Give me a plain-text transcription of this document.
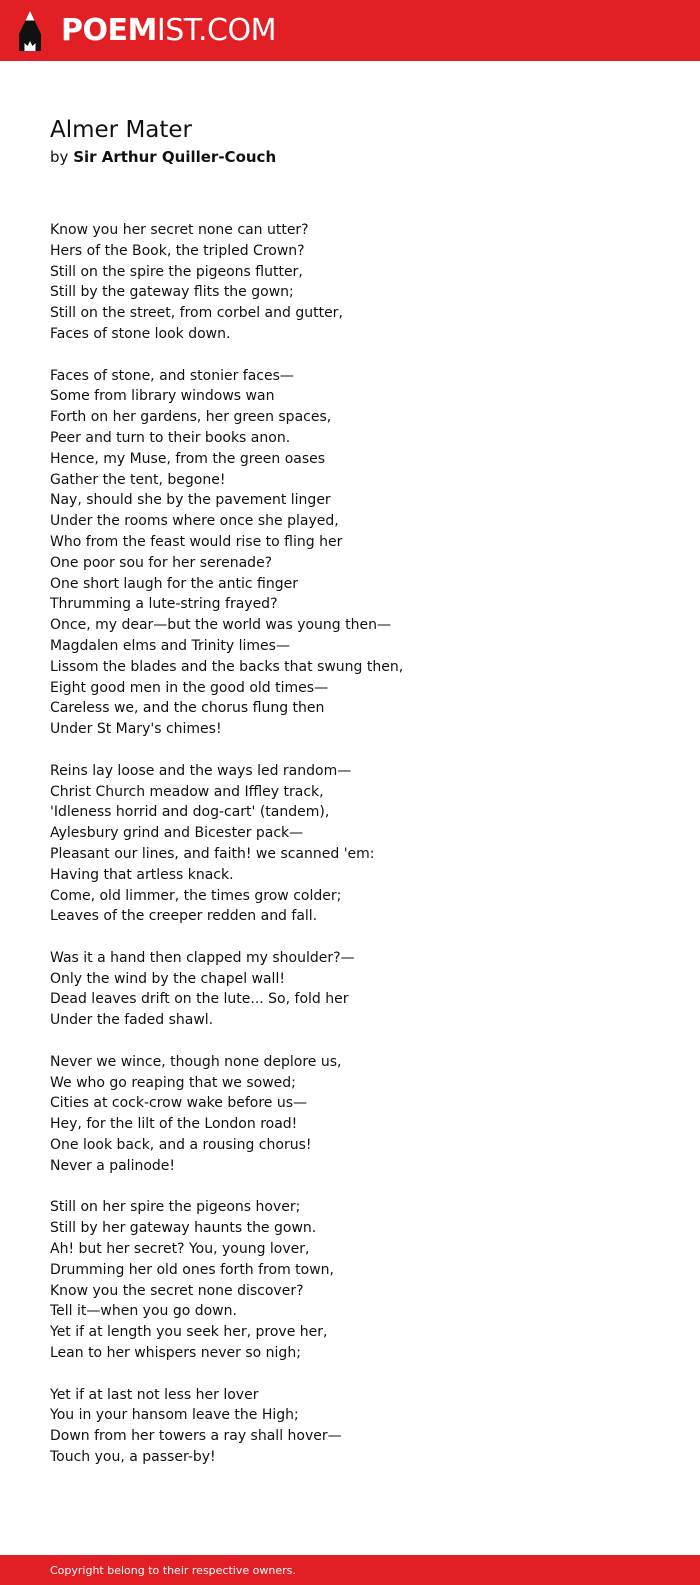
POEMIST.COM
Almer Mater
by Sir Arthur Quiller-Couch
Know you her secret none can utter?
Hers of the Book, the tripled Crown?
Still on the spire the pigeons flutter,
Still by the gateway flits the gown;
Still on the street, from corbel and gutter,
Faces of stone look down.
Faces of stone, and stonier faces—
Some from library windows wan
Forth on her gardens, her green spaces,
Peer and turn to their books anon.
Hence, my Muse, from the green oases
Gather the tent, begone!
Nay, should she by the pavement linger
Under the rooms where once she played,
Who from the feast would rise to fling her
One poor sou for her serenade?
One short laugh for the antic finger
Thrumming a lute-string frayed?
Once, my dear—but the world was young then—
Magdalen elms and Trinity limes—
Lissom the blades and the backs that swung then,
Eight good men in the good old times—
Careless we, and the chorus flung then
Under St Mary's chimes!
Reins lay loose and the ways led random—
Christ Church meadow and Iffley track,
'Idleness horrid and dog-cart' (tandem),
Aylesbury grind and Bicester pack—
Pleasant our lines, and faith! we scanned 'em:
Having that artless knack.
Come, old limmer, the times grow colder;
Leaves of the creeper redden and fall.
Was it a hand then clapped my shoulder?—
Only the wind by the chapel wall!
Dead leaves drift on the lute... So, fold her
Under the faded shawl.
Never we wince, though none deplore us,
We who go reaping that we sowed;
Cities at cock-crow wake before us—
Hey, for the lilt of the London road!
One look back, and a rousing chorus!
Never a palinode!
Still on her spire the pigeons hover;
Still by her gateway haunts the gown.
Ah! but her secret? You, young lover,
Drumming her old ones forth from town,
Know you the secret none discover?
Tell it—when you go down.
Yet if at length you seek her, prove her,
Lean to her whispers never so nigh;
Yet if at last not less her lover
You in your hansom leave the High;
Down from her towers a ray shall hover—
Touch you, a passer-by!
Copyright belong to their respective owners.
